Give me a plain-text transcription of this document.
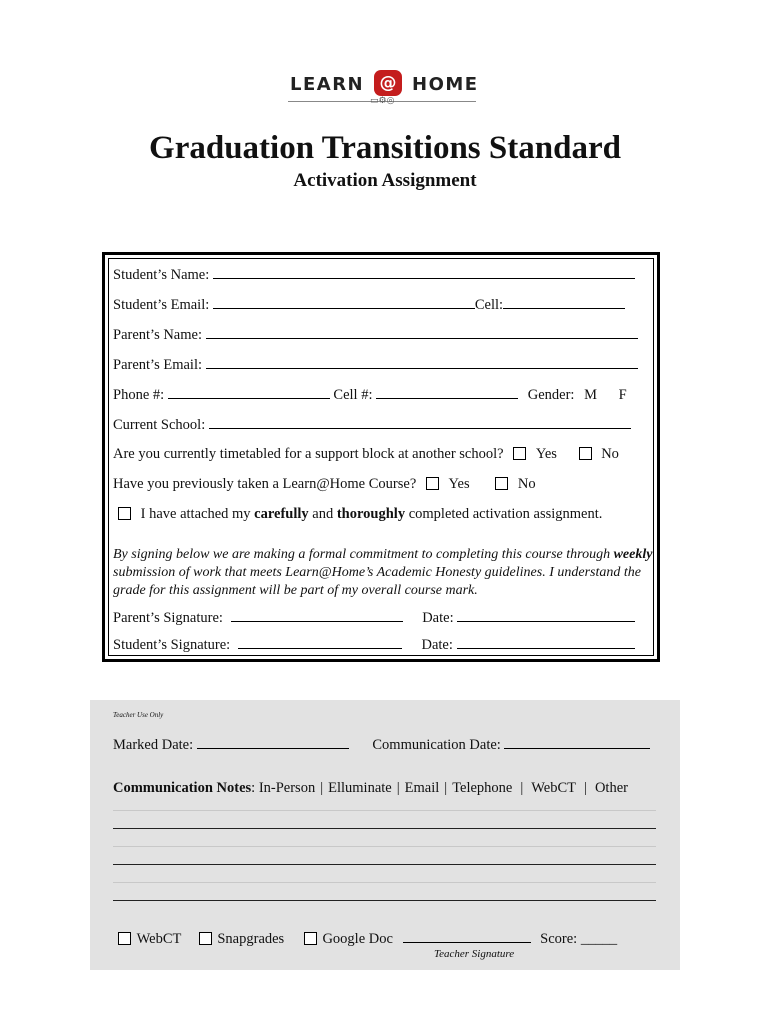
LEARN @ HOME
▭⚙◎
Graduation Transitions Standard
Activation Assignment
Student’s Name:
Student’s Email:	Cell:
Parent’s Name:
Parent’s Email:
Phone #:	Cell #:	Gender: M F
Current School:
Are you currently timetabled for a support block at another school? Yes	No
Have you previously taken a Learn@Home Course? Yes	No
I have attached my carefully and thoroughly completed activation assignment.
By signing below we are making a formal commitment to completing this course through weekly submission of work that meets Learn@Home’s Academic Honesty guidelines. I understand the grade for this assignment will be part of my overall course mark.
Parent’s Signature:	Date:
Student’s Signature:	Date:
Teacher Use Only
Marked Date:	Communication Date:
Communication Notes: In-Person | Elluminate | Email | Telephone | WebCT | Other
WebCT	Snapgrades	Google Doc	Score: _____
Teacher Signature
